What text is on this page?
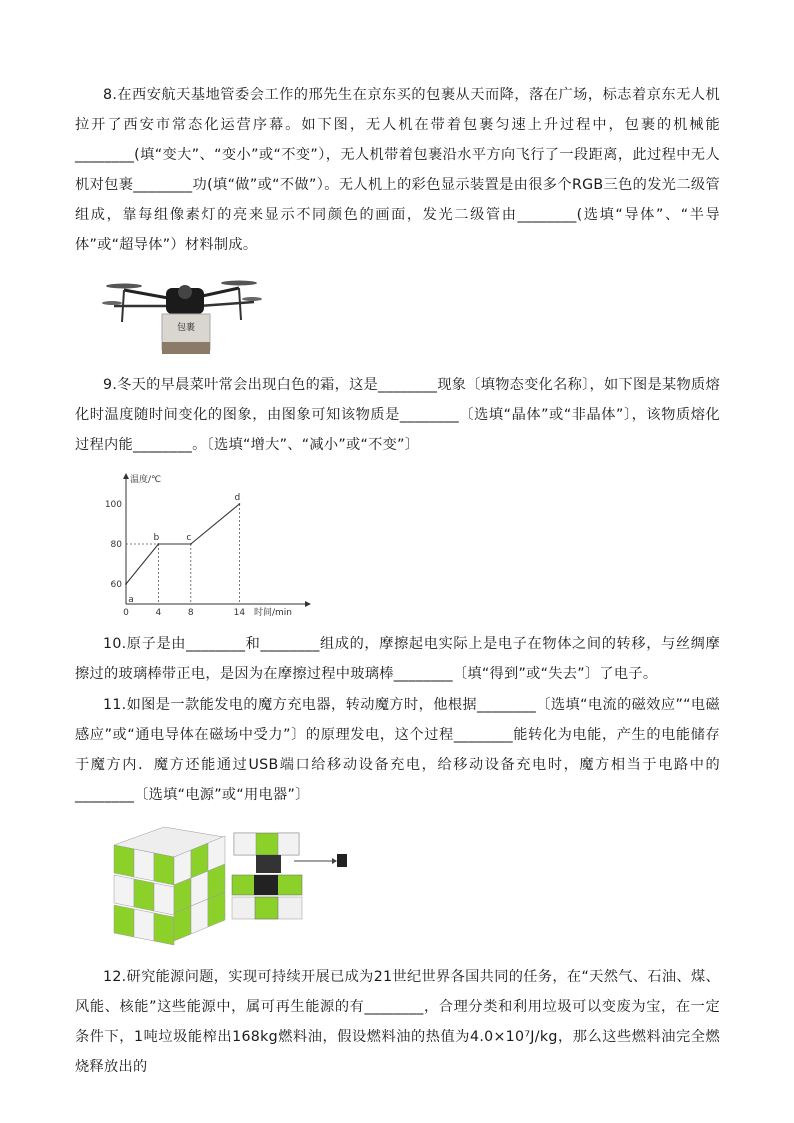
8.在西安航天基地管委会工作的邢先生在京东买的包裹从天而降，落在广场，标志着京东无人机拉开了西安市常态化运营序幕。如下图，无人机在带着包裹匀速上升过程中，包裹的机械能________(填“变大”、“变小”或“不变”），无人机带着包裹沿水平方向飞行了一段距离，此过程中无人机对包裹________功(填“做”或“不做”）。无人机上的彩色显示装置是由很多个RGB三色的发光二级管组成，靠每组像素灯的亮来显示不同颜色的画面，发光二级管由________(选填“导体”、“半导体”或“超导体”）材料制成。
包裹
9.冬天的早晨菜叶常会出现白色的霜，这是________现象〔填物态变化名称〕，如下图是某物质熔化时温度随时间变化的图象，由图象可知该物质是________〔选填“晶体”或“非晶体”〕，该物质熔化过程内能________。〔选填“增大”、“减小”或“不变”〕
温度/℃
时间/min
60
80
100
0	4	8	14
a
b	c
d
10.原子是由________和________组成的，摩擦起电实际上是电子在物体之间的转移，与丝绸摩擦过的玻璃棒带正电，是因为在摩擦过程中玻璃棒________〔填“得到”或“失去”〕了电子。
11.如图是一款能发电的魔方充电器，转动魔方时，他根据________〔选填“电流的磁效应”“电磁感应”或“通电导体在磁场中受力”〕的原理发电，这个过程________能转化为电能，产生的电能储存于魔方内．魔方还能通过USB端口给移动设备充电，给移动设备充电时，魔方相当于电路中的________〔选填“电源”或“用电器”〕
12.研究能源问题，实现可持续开展已成为21世纪世界各国共同的任务，在“天然气、石油、煤、风能、核能”这些能源中，属可再生能源的有________，合理分类和利用垃圾可以变废为宝，在一定条件下，1吨垃圾能榨出168kg燃料油，假设燃料油的热值为4.0×10⁷J/kg，那么这些燃料油完全燃烧释放出的
